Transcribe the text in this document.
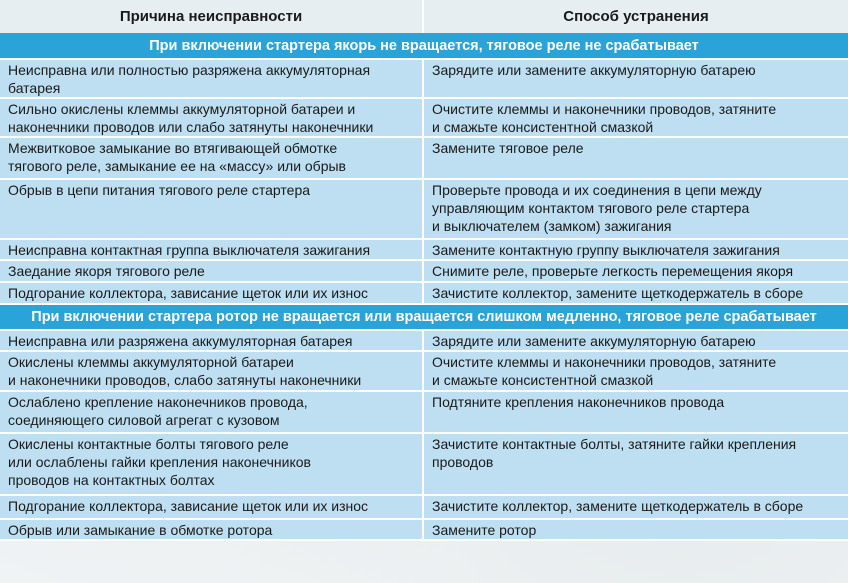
Причина неисправности	Способ устранения
При включении стартера якорь не вращается, тяговое реле не срабатывает	
Неисправна или полностью разряжена аккумуляторная
батарея	Зарядите или замените аккумуляторную батарею
Сильно окислены клеммы аккумуляторной батареи и
наконечники проводов или слабо затянуты наконечники	Очистите клеммы и наконечники проводов, затяните
и смажьте консистентной смазкой
Межвитковое замыкание во втягивающей обмотке
тягового реле, замыкание ее на «массу» или обрыв	Замените тяговое реле
Обрыв в цепи питания тягового реле стартера	Проверьте провода и их соединения в цепи между
управляющим контактом тягового реле стартера
и выключателем (замком) зажигания
Неисправна контактная группа выключателя зажигания	Замените контактную группу выключателя зажигания
Заедание якоря тягового реле	Снимите реле, проверьте легкость перемещения якоря
Подгорание коллектора, зависание щеток или их износ	Зачистите коллектор, замените щеткодержатель в сборе
При включении стартера ротор не вращается или вращается слишком медленно, тяговое реле срабатывает	
Неисправна или разряжена аккумуляторная батарея	Зарядите или замените аккумуляторную батарею
Окислены клеммы аккумуляторной батареи
и наконечники проводов, слабо затянуты наконечники	Очистите клеммы и наконечники проводов, затяните
и смажьте консистентной смазкой
Ослаблено крепление наконечников провода,
соединяющего силовой агрегат с кузовом	Подтяните крепления наконечников провода
Окислены контактные болты тягового реле
или ослаблены гайки крепления наконечников
проводов на контактных болтах	Зачистите контактные болты, затяните гайки крепления
проводов
Подгорание коллектора, зависание щеток или их износ	Зачистите коллектор, замените щеткодержатель в сборе
Обрыв или замыкание в обмотке ротора	Замените ротор
